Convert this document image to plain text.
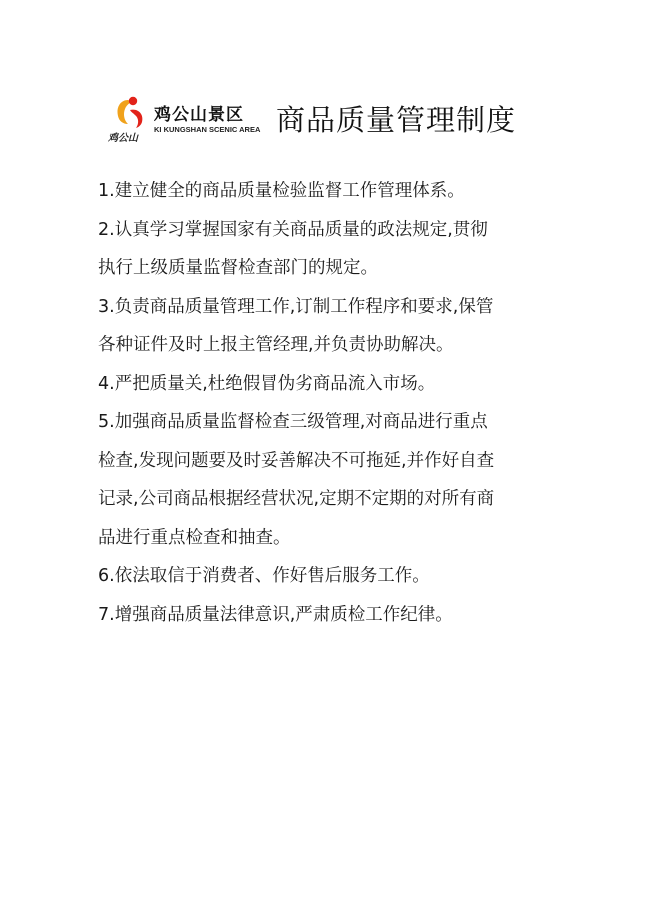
鸡公山
鸡公山景区
KI KUNGSHAN SCENIC AREA 商品质量管理制度
1.建立健全的商品质量检验监督工作管理体系。
2.认真学习掌握国家有关商品质量的政法规定,贯彻
执行上级质量监督检查部门的规定。
3.负责商品质量管理工作,订制工作程序和要求,保管
各种证件及时上报主管经理,并负责协助解决。
4.严把质量关,杜绝假冒伪劣商品流入市场。
5.加强商品质量监督检查三级管理,对商品进行重点
检查,发现问题要及时妥善解决不可拖延,并作好自查
记录,公司商品根据经营状况,定期不定期的对所有商
品进行重点检查和抽查。
6.依法取信于消费者、作好售后服务工作。
7.增强商品质量法律意识,严肃质检工作纪律。
